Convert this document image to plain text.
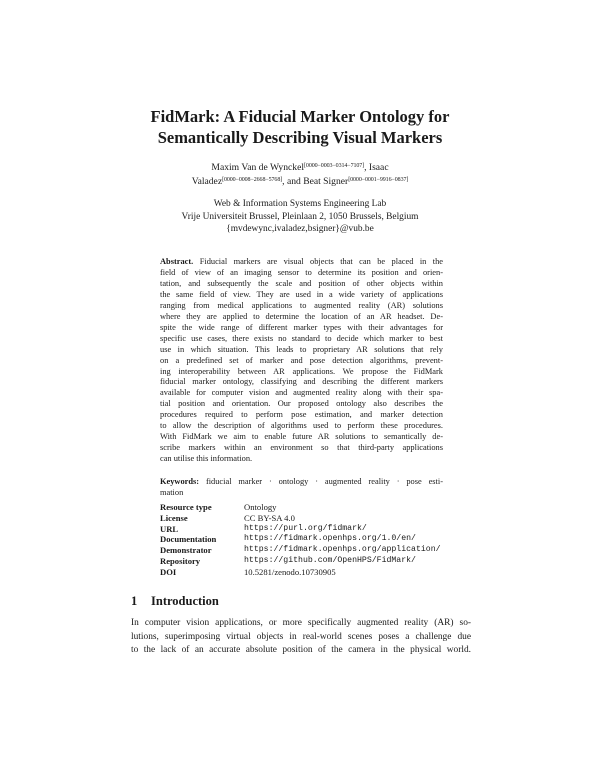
FidMark: A Fiducial Marker Ontology for
Semantically Describing Visual Markers
Maxim Van de Wynckel[0000−0003−0314−7107], Isaac
Valadez[0000−0008−2668−5768], and Beat Signer[0000−0001−9916−0837]
Web & Information Systems Engineering Lab
Vrije Universiteit Brussel, Pleinlaan 2, 1050 Brussels, Belgium
{mvdewync,ivaladez,bsigner}@vub.be
Abstract. Fiducial markers are visual objects that can be placed in the
field of view of an imaging sensor to determine its position and orien-
tation, and subsequently the scale and position of other objects within
the same field of view. They are used in a wide variety of applications
ranging from medical applications to augmented reality (AR) solutions
where they are applied to determine the location of an AR headset. De-
spite the wide range of different marker types with their advantages for
specific use cases, there exists no standard to decide which marker to best
use in which situation. This leads to proprietary AR solutions that rely
on a predefined set of marker and pose detection algorithms, prevent-
ing interoperability between AR applications. We propose the FidMark
fiducial marker ontology, classifying and describing the different markers
available for computer vision and augmented reality along with their spa-
tial position and orientation. Our proposed ontology also describes the
procedures required to perform pose estimation, and marker detection
to allow the description of algorithms used to perform these procedures.
With FidMark we aim to enable future AR solutions to semantically de-
scribe markers within an environment so that third-party applications
can utilise this information.
Keywords: fiducial marker · ontology · augmented reality · pose esti-
mation
Resource type	Ontology
License	CC BY-SA 4.0
URL	https://purl.org/fidmark/
Documentation	https://fidmark.openhps.org/1.0/en/
Demonstrator	https://fidmark.openhps.org/application/
Repository	https://github.com/OpenHPS/FidMark/
DOI	10.5281/zenodo.10730905
1 Introduction
In computer vision applications, or more specifically augmented reality (AR) so-
lutions, superimposing virtual objects in real-world scenes poses a challenge due
to the lack of an accurate absolute position of the camera in the physical world.
